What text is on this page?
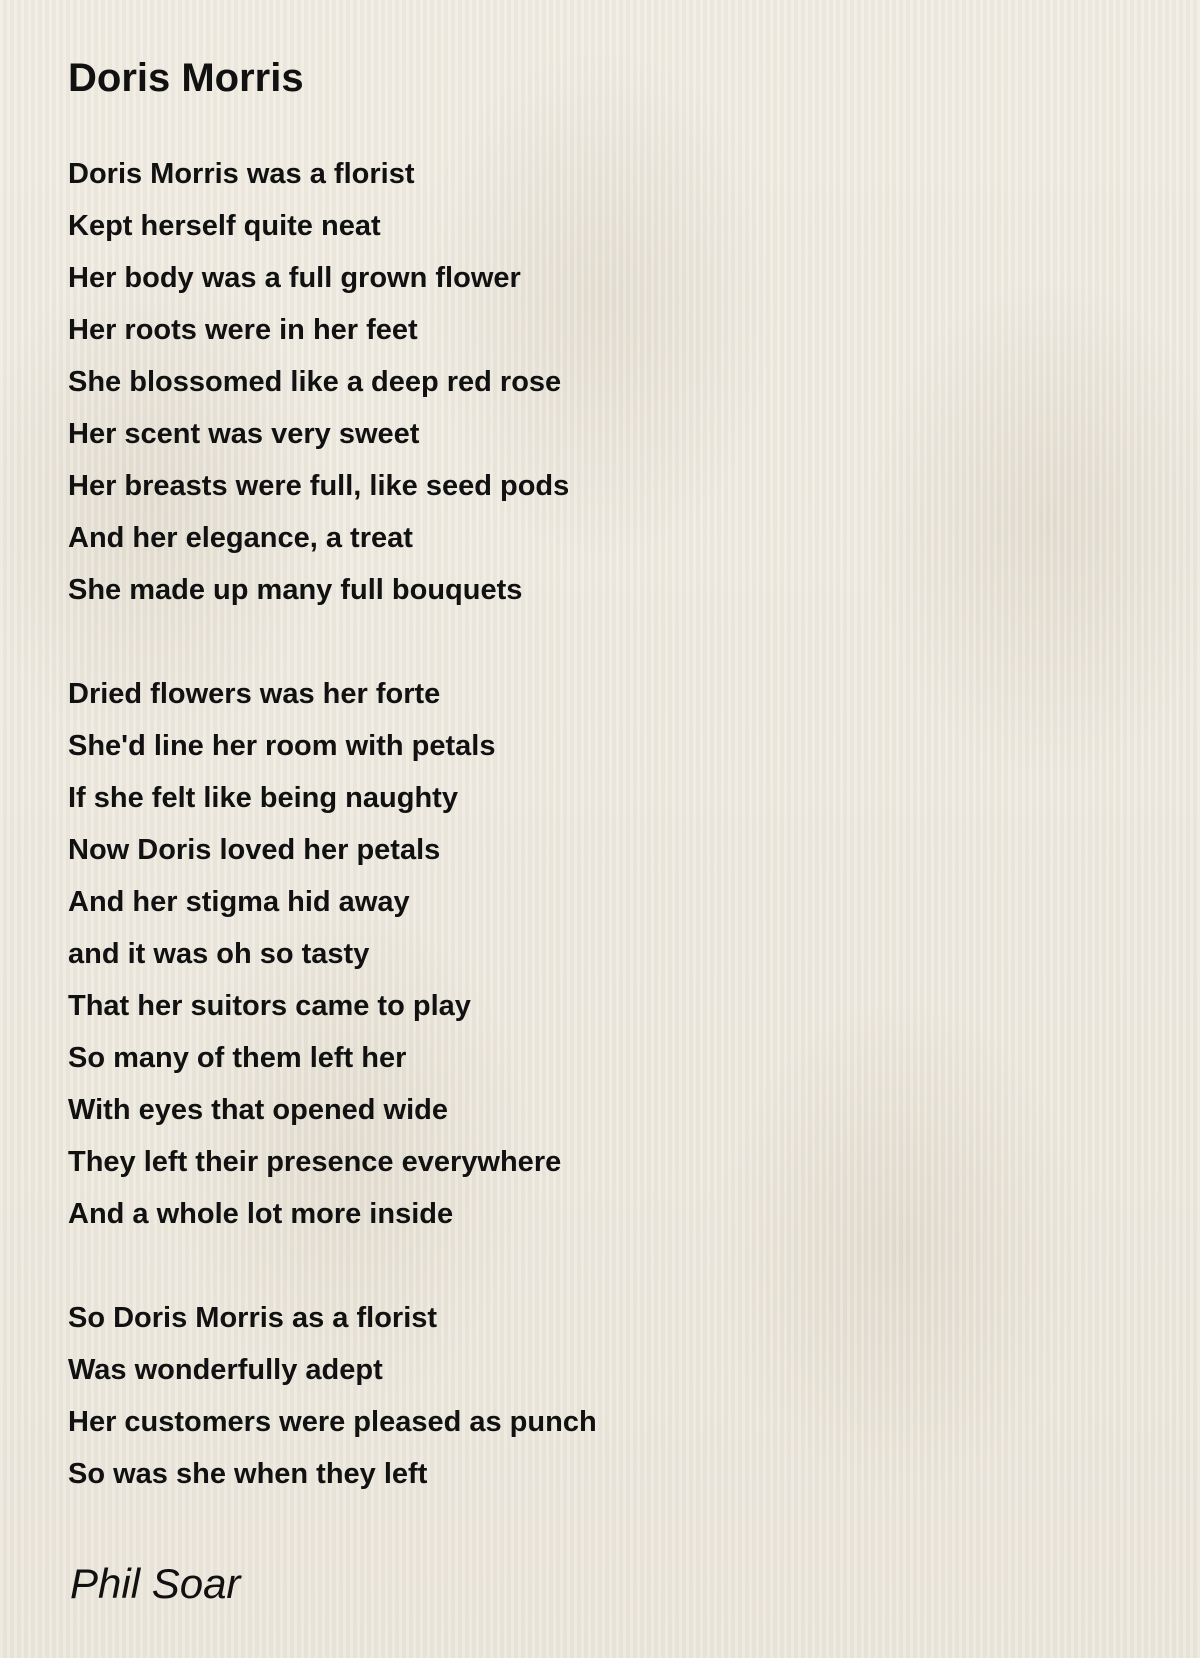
Doris Morris
Doris Morris was a florist
Kept herself quite neat
Her body was a full grown flower
Her roots were in her feet
She blossomed like a deep red rose
Her scent was very sweet
Her breasts were full, like seed pods
And her elegance, a treat
She made up many full bouquets
Dried flowers was her forte
She'd line her room with petals
If she felt like being naughty
Now Doris loved her petals
And her stigma hid away
and it was oh so tasty
That her suitors came to play
So many of them left her
With eyes that opened wide
They left their presence everywhere
And a whole lot more inside
So Doris Morris as a florist
Was wonderfully adept
Her customers were pleased as punch
So was she when they left
Phil Soar
